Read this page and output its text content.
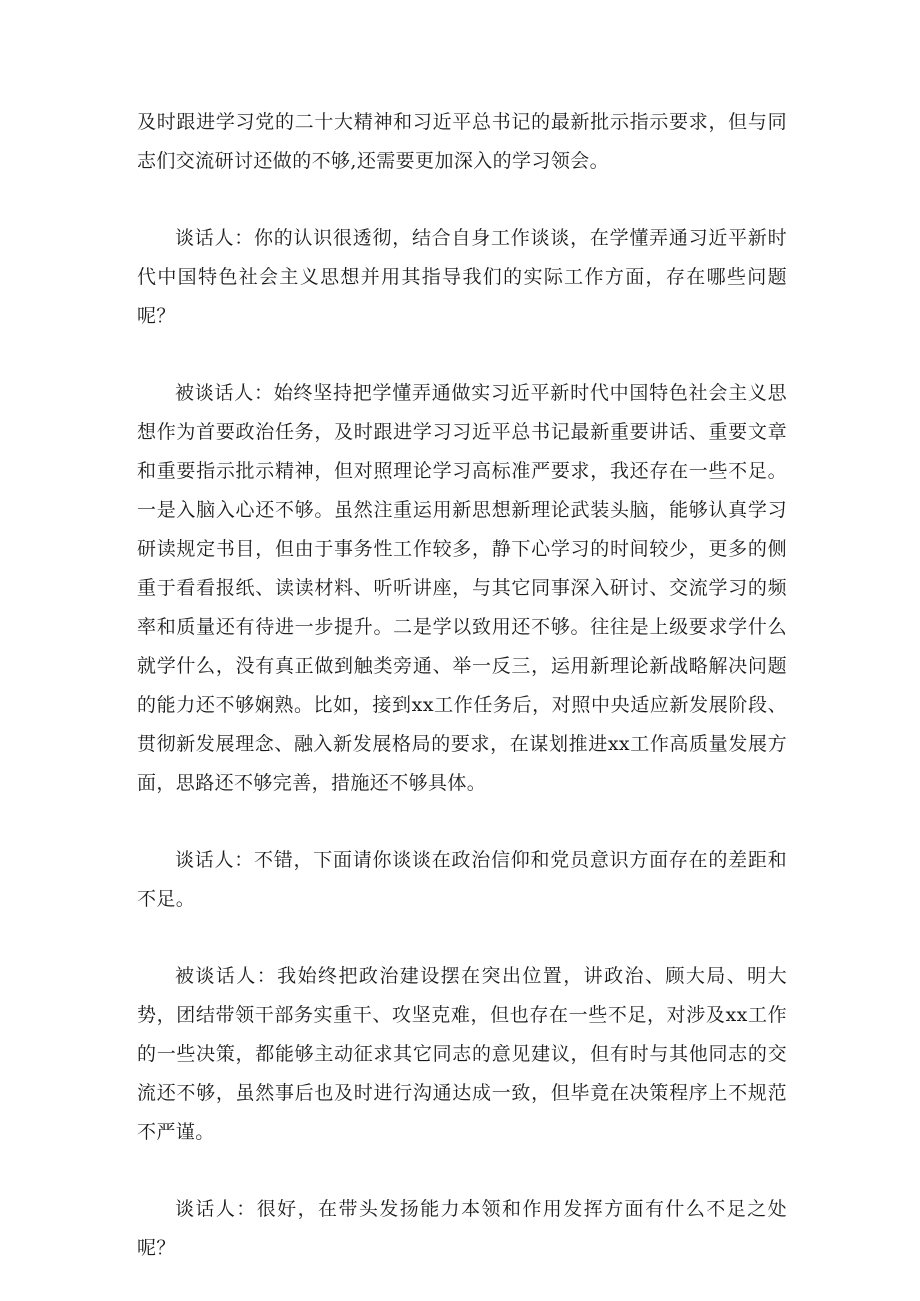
及时跟进学习党的二十大精神和习近平总书记的最新批示指示要求，但与同志们交流研讨还做的不够,还需要更加深入的学习领会。

谈话人：你的认识很透彻，结合自身工作谈谈，在学懂弄通习近平新时代中国特色社会主义思想并用其指导我们的实际工作方面，存在哪些问题呢？

被谈话人：始终坚持把学懂弄通做实习近平新时代中国特色社会主义思想作为首要政治任务，及时跟进学习习近平总书记最新重要讲话、重要文章和重要指示批示精神，但对照理论学习高标准严要求，我还存在一些不足。一是入脑入心还不够。虽然注重运用新思想新理论武装头脑，能够认真学习研读规定书目，但由于事务性工作较多，静下心学习的时间较少，更多的侧重于看看报纸、读读材料、听听讲座，与其它同事深入研讨、交流学习的频率和质量还有待进一步提升。二是学以致用还不够。往往是上级要求学什么就学什么，没有真正做到触类旁通、举一反三，运用新理论新战略解决问题的能力还不够娴熟。比如，接到xx工作任务后，对照中央适应新发展阶段、贯彻新发展理念、融入新发展格局的要求，在谋划推进xx工作高质量发展方面，思路还不够完善，措施还不够具体。

谈话人：不错，下面请你谈谈在政治信仰和党员意识方面存在的差距和不足。

被谈话人：我始终把政治建设摆在突出位置，讲政治、顾大局、明大势，团结带领干部务实重干、攻坚克难，但也存在一些不足，对涉及xx工作的一些决策，都能够主动征求其它同志的意见建议，但有时与其他同志的交流还不够，虽然事后也及时进行沟通达成一致，但毕竟在决策程序上不规范不严谨。

谈话人：很好，在带头发扬能力本领和作用发挥方面有什么不足之处呢？
